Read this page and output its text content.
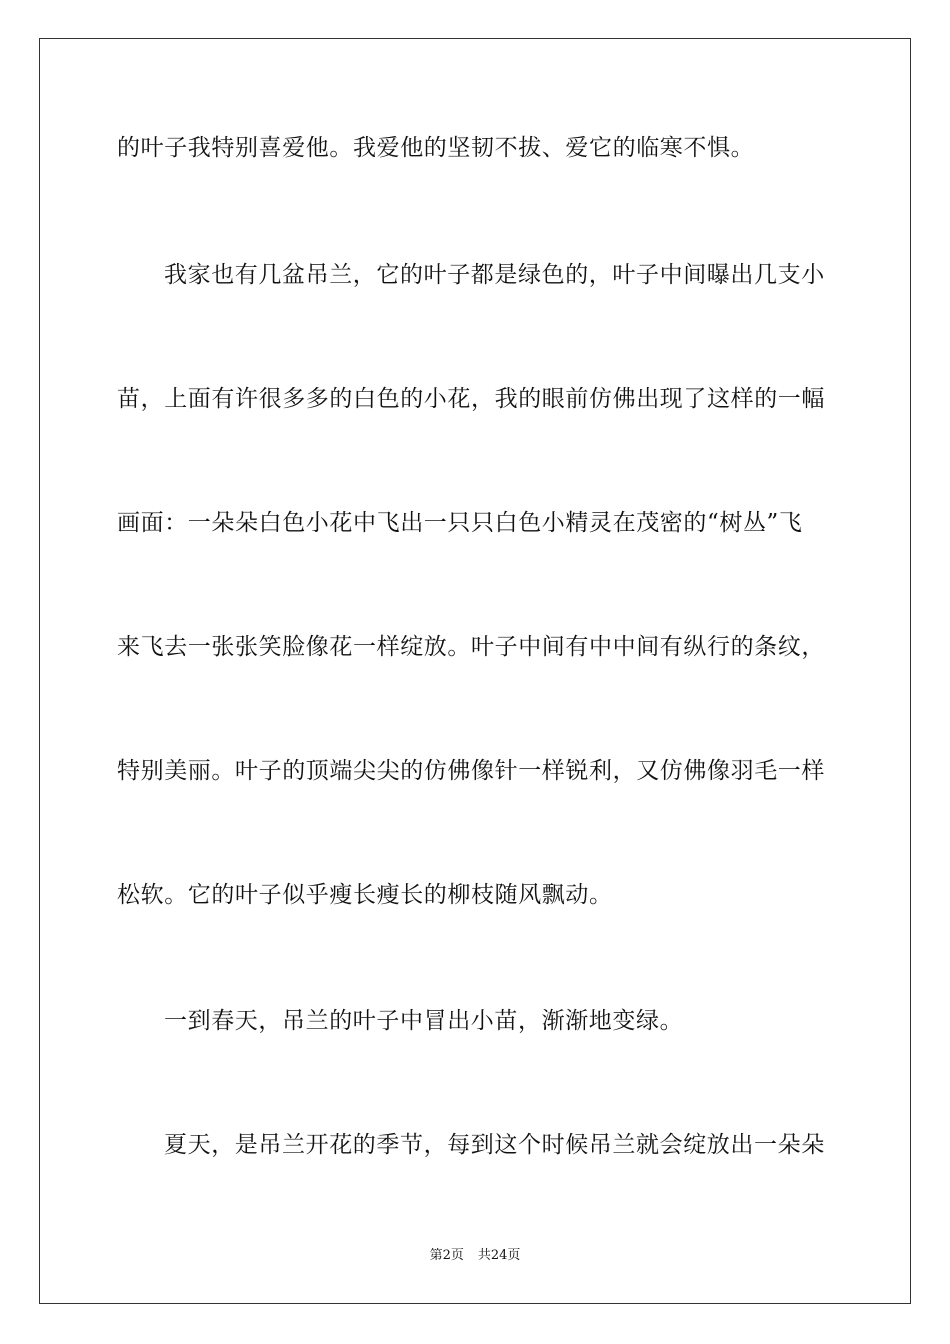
的叶子我特别喜爱他。我爱他的坚韧不拔、爱它的临寒不惧。

我家也有几盆吊兰，它的叶子都是绿色的，叶子中间曝出几支小

苗，上面有许很多多的白色的小花，我的眼前仿佛出现了这样的一幅

画面：一朵朵白色小花中飞出一只只白色小精灵在茂密的“树丛”飞

来飞去一张张笑脸像花一样绽放。叶子中间有中中间有纵行的条纹，

特别美丽。叶子的顶端尖尖的仿佛像针一样锐利，又仿佛像羽毛一样

松软。它的叶子似乎瘦长瘦长的柳枝随风飘动。

一到春天，吊兰的叶子中冒出小苗，渐渐地变绿。

夏天，是吊兰开花的季节，每到这个时候吊兰就会绽放出一朵朵

第2页 共24页
